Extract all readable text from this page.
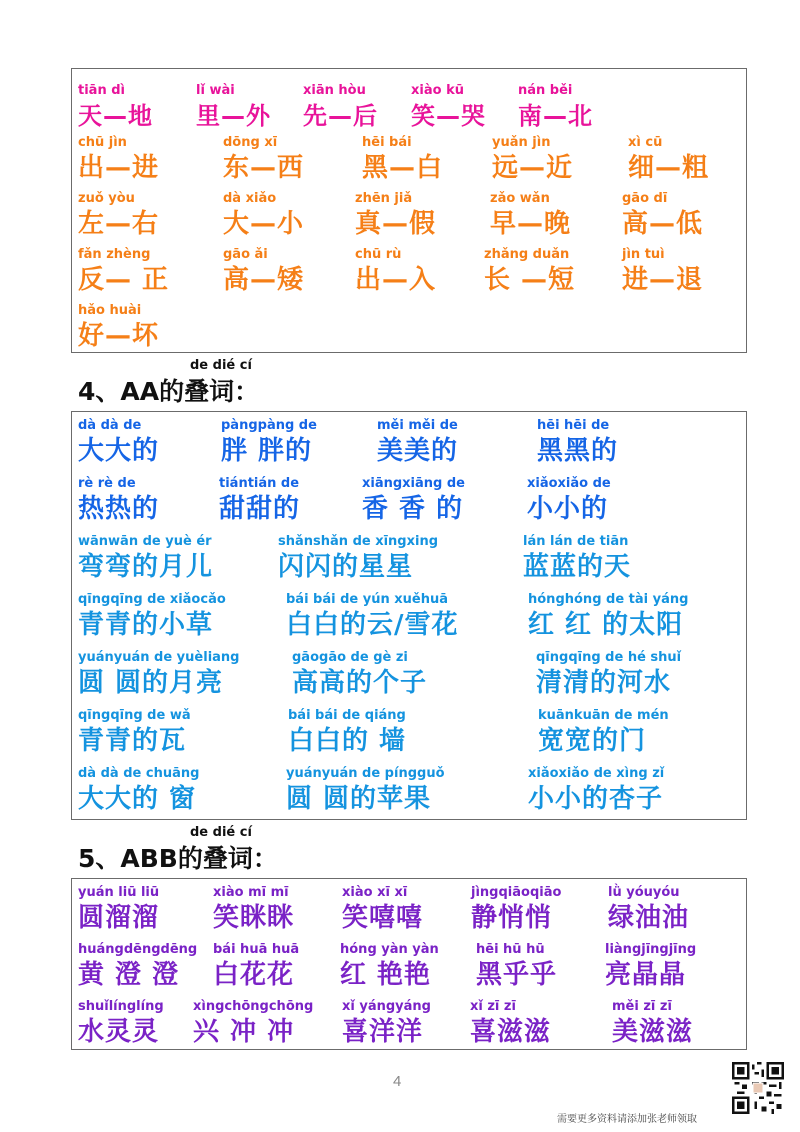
tiān dì
天—地
lǐ wài
里—外
xiān hòu
先—后
xiào kū
笑—哭
nán běi
南—北
chū jìn
出—进
dōng xī
东—西
hēi bái
黑—白
yuǎn jìn
远—近
xì cū
细—粗
zuǒ yòu
左—右
dà xiǎo
大—小
zhēn jiǎ
真—假
zǎo wǎn
早—晚
gāo dī
高—低
fǎn zhèng
反— 正
gāo ǎi
高—矮
chū rù
出—入
zhǎng duǎn
长 —短
jìn tuì
进—退
hǎo huài
好—坏
de dié cí
4、AA的叠词：
dà dà de
大大的
pàngpàng de
胖 胖的
měi měi de
美美的
hēi hēi de
黑黑的
rè rè de
热热的
tiántián de
甜甜的
xiāngxiāng de
香 香 的
xiǎoxiǎo de
小小的
wānwān de yuè ér
弯弯的月儿
shǎnshǎn de xīngxing
闪闪的星星
lán lán de tiān
蓝蓝的天
qīngqīng de xiǎocǎo
青青的小草
bái bái de yún xuěhuā
白白的云/雪花
hónghóng de tài yáng
红 红 的太阳
yuányuán de yuèliang
圆 圆的月亮
gāogāo de gè zi
高高的个子
qīngqīng de hé shuǐ
清清的河水
qīngqīng de wǎ
青青的瓦
bái bái de qiáng
白白的 墙
kuānkuān de mén
宽宽的门
dà dà de chuāng
大大的 窗
yuányuán de píngguǒ
圆 圆的苹果
xiǎoxiǎo de xìng zǐ
小小的杏子
de dié cí
5、ABB的叠词：
yuán liū liū
圆溜溜
xiào mī mī
笑眯眯
xiào xī xī
笑嘻嘻
jìngqiāoqiāo
静悄悄
lǜ yóuyóu
绿油油
huángdēngdēng
黄 澄 澄
bái huā huā
白花花
hóng yàn yàn
红 艳艳
hēi hū hū
黑乎乎
liàngjīngjīng
亮晶晶
shuǐlínglíng
水灵灵
xìngchōngchōng
兴 冲 冲
xǐ yángyáng
喜洋洋
xǐ zī zī
喜滋滋
měi zī zī
美滋滋
4
需要更多资料请添加张老师领取
